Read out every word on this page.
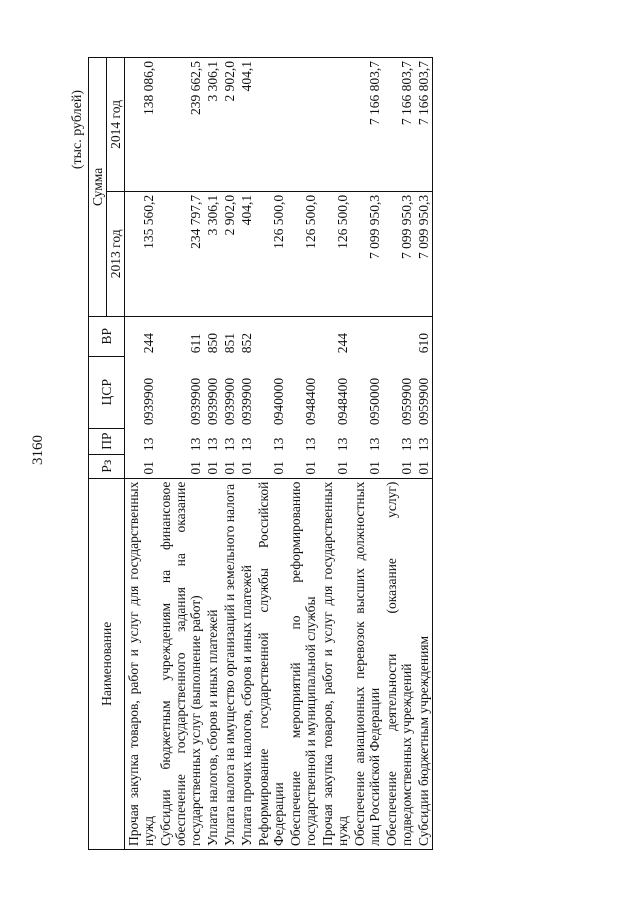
3160
(тыс. рублей)
Наименование	Рз	ПР	ЦСР	ВР	Сумма	
					2013 год	2014 год
Прочая закупка товаров, работ и услуг для государственных нужд	01	13	0939900	244	135 560,2	138 086,0
Субсидии бюджетным учреждениям на финансовое обеспечение государственного задания на оказание государственных услуг (выполнение работ)	01	13	0939900	611	234 797,7	239 662,5
Уплата налогов, сборов и иных платежей	01	13	0939900	850	3 306,1	3 306,1
Уплата налога на имущество организаций и земельного налога	01	13	0939900	851	2 902,0	2 902,0
Уплата прочих налогов, сборов и иных платежей	01	13	0939900	852	404,1	404,1
Реформирование государственной службы Российской Федерации	01	13	0940000		126 500,0	
Обеспечение мероприятий по реформированию государственной и муниципальной службы	01	13	0948400		126 500,0	
Прочая закупка товаров, работ и услуг для государственных нужд	01	13	0948400	244	126 500,0	
Обеспечение авиационных перевозок высших должностных лиц Российской Федерации	01	13	0950000		7 099 950,3	7 166 803,7
Обеспечение деятельности (оказание услуг) подведомственных учреждений	01	13	0959900		7 099 950,3	7 166 803,7
Субсидии бюджетным учреждениям	01	13	0959900	610	7 099 950,3	7 166 803,7
